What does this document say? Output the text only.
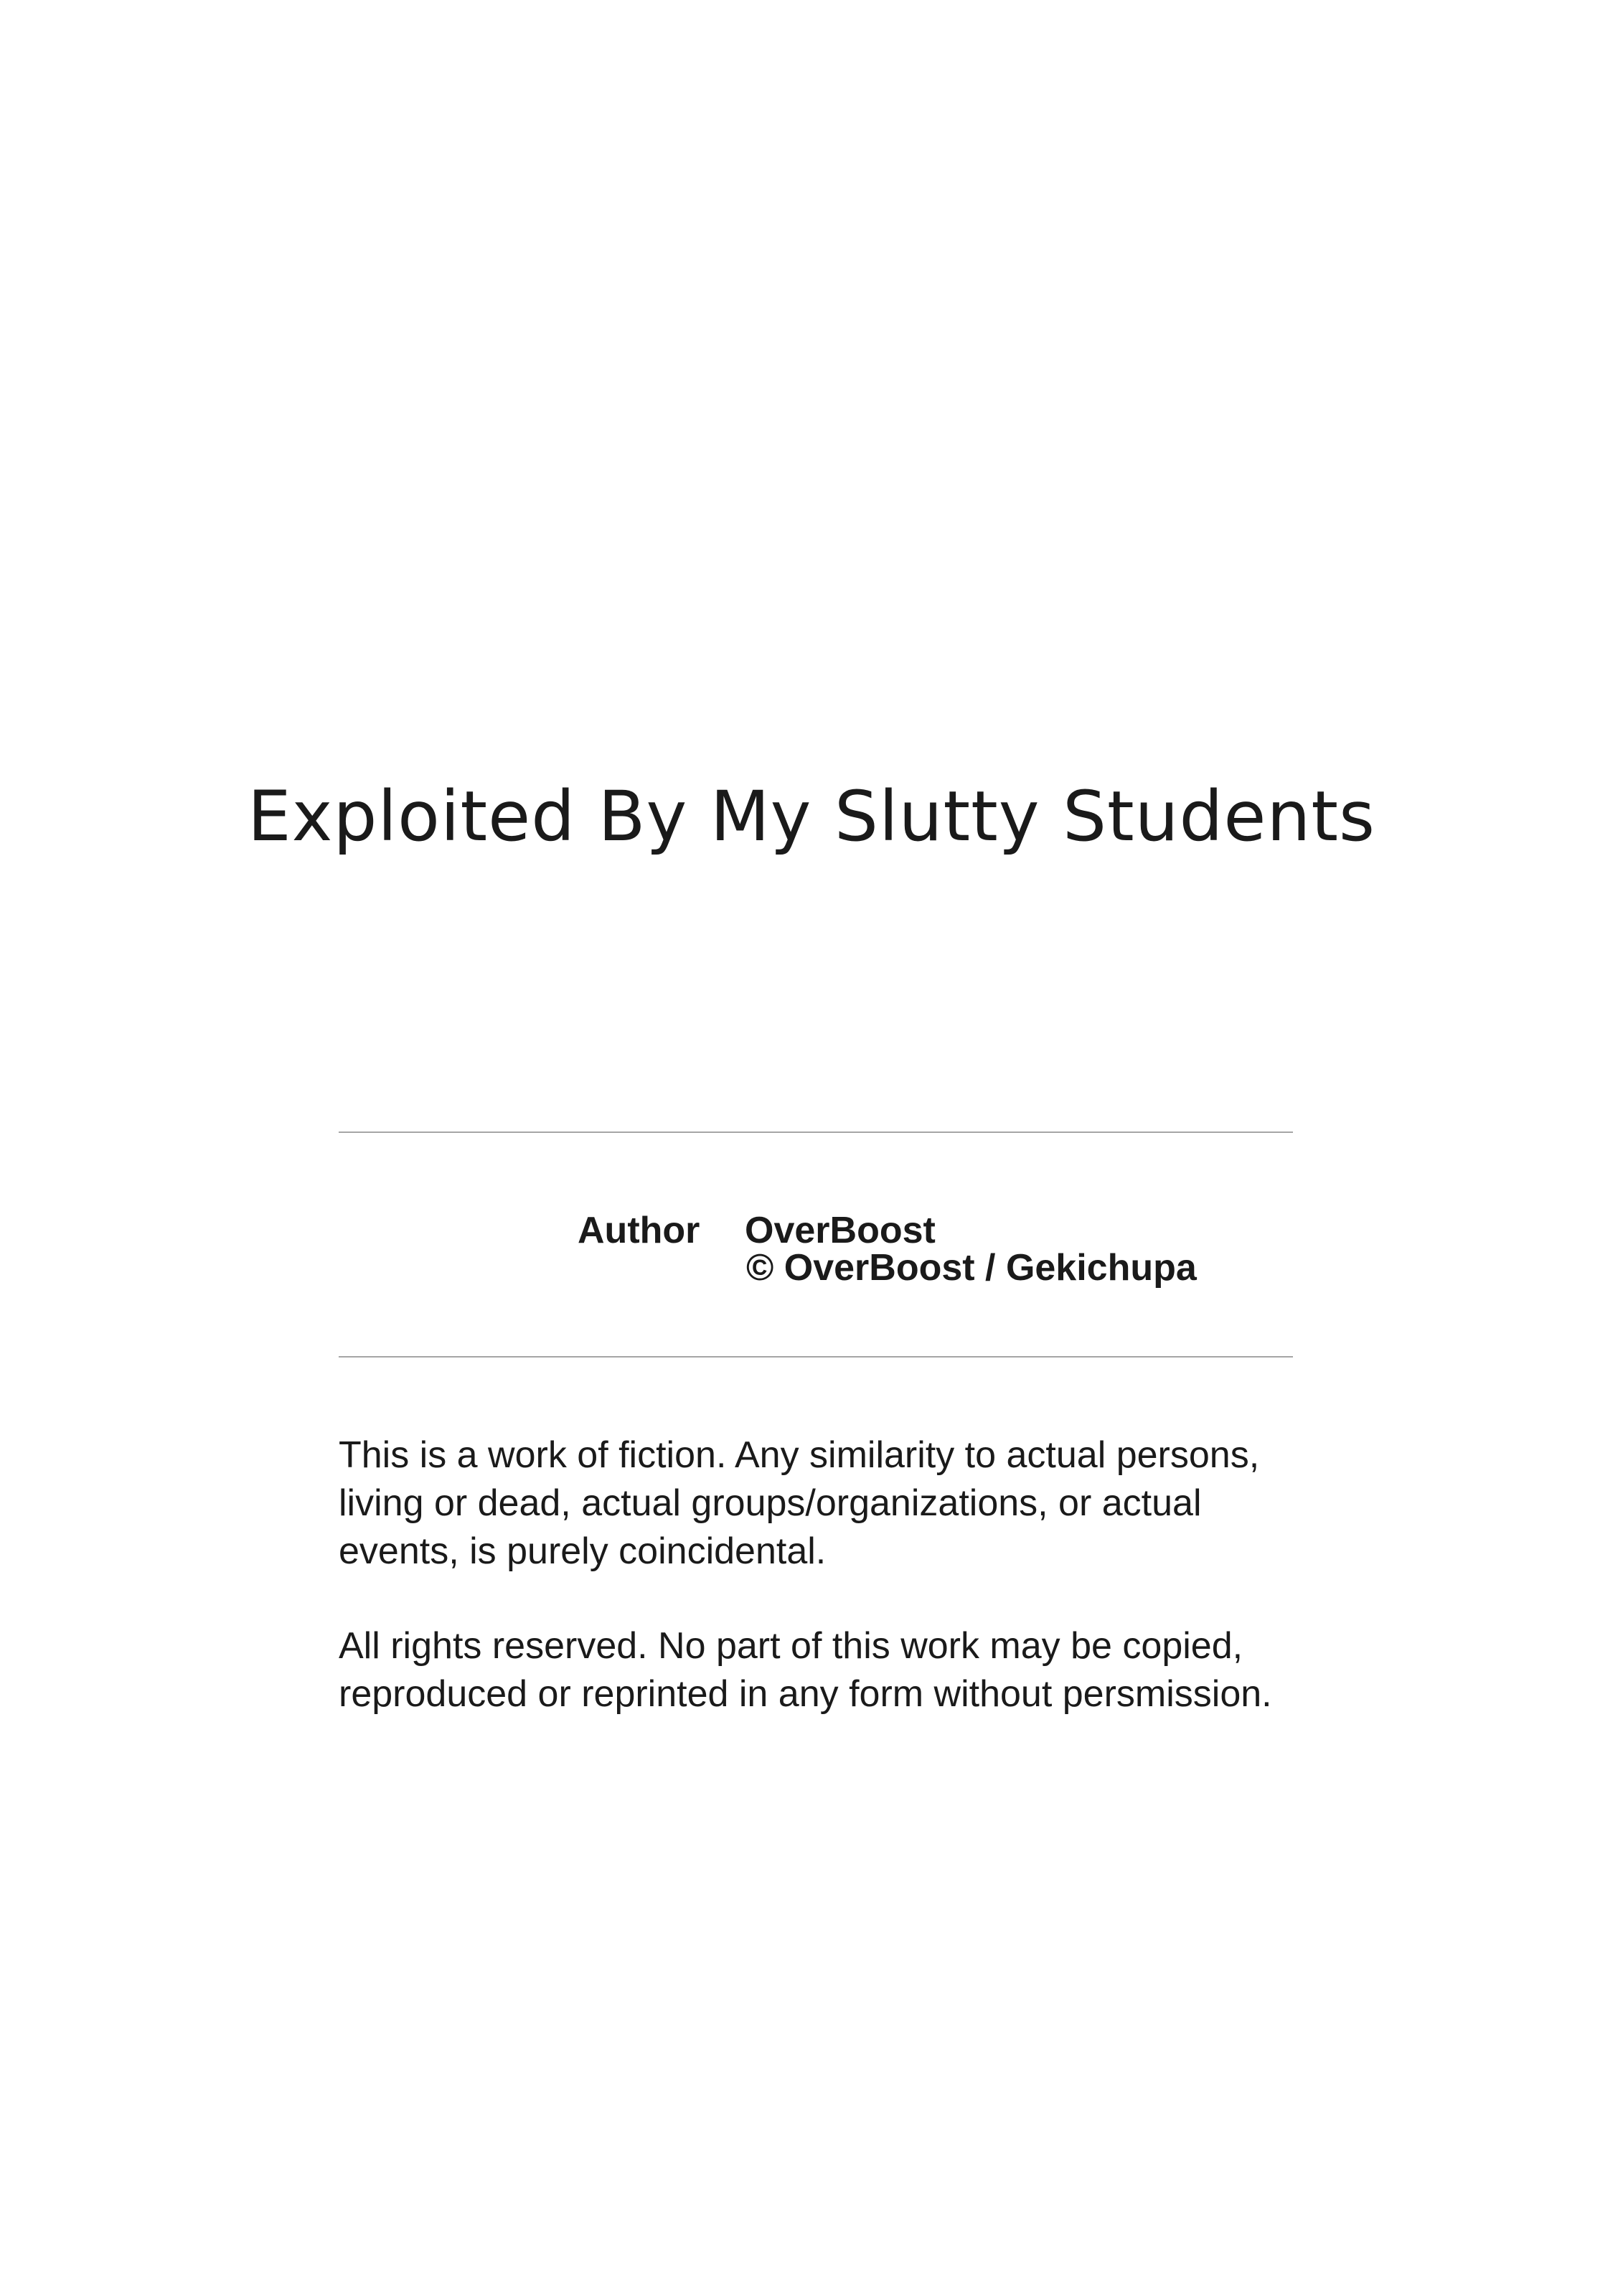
Exploited By My Slutty Students
Author OverBoost
© OverBoost / Gekichupa
This is a work of fiction. Any similarity to actual persons,
living or dead, actual groups/organizations, or actual
events, is purely coincidental.
All rights reserved. No part of this work may be copied,
reproduced or reprinted in any form without persmission.
